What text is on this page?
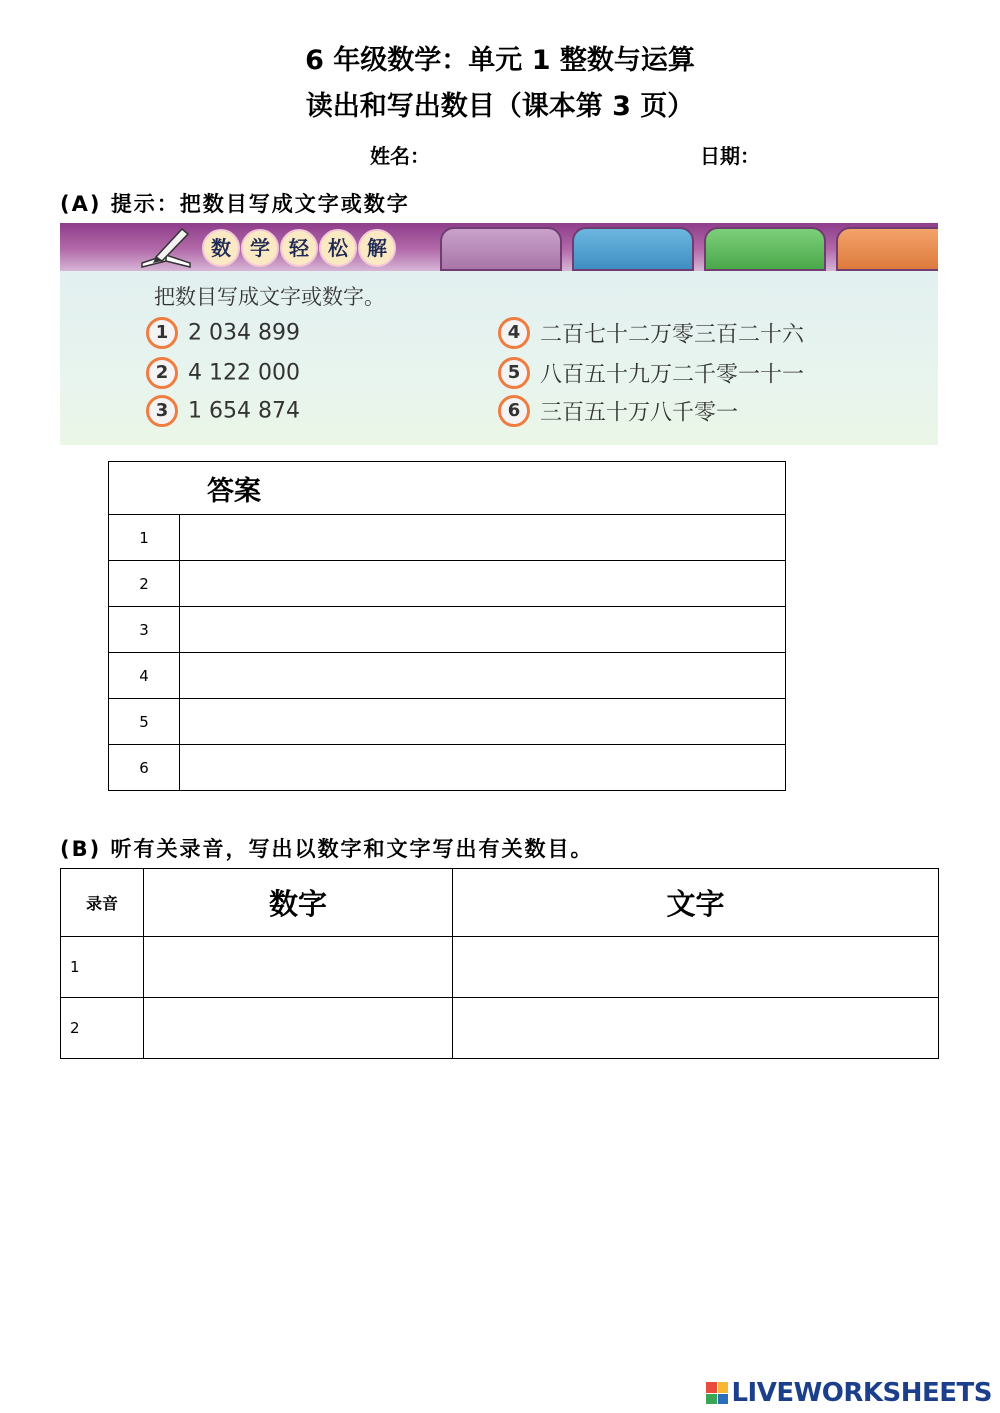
6 年级数学：单元 1 整数与运算
读出和写出数目（课本第 3 页）
姓名：	日期：
(A) 提示：把数目写成文字或数字
数 学 轻 松 解
把数目写成文字或数字。
1 2 034 899
2 4 122 000
3 1 654 874
4 二百七十二万零三百二十六
5 八百五十九万二千零一十一
6 三百五十万八千零一
答案	
1	
2	
3	
4	
5	
6	
(B) 听有关录音，写出以数字和文字写出有关数目。
录音	数字	文字
1		
2		
LIVEWORKSHEETS
